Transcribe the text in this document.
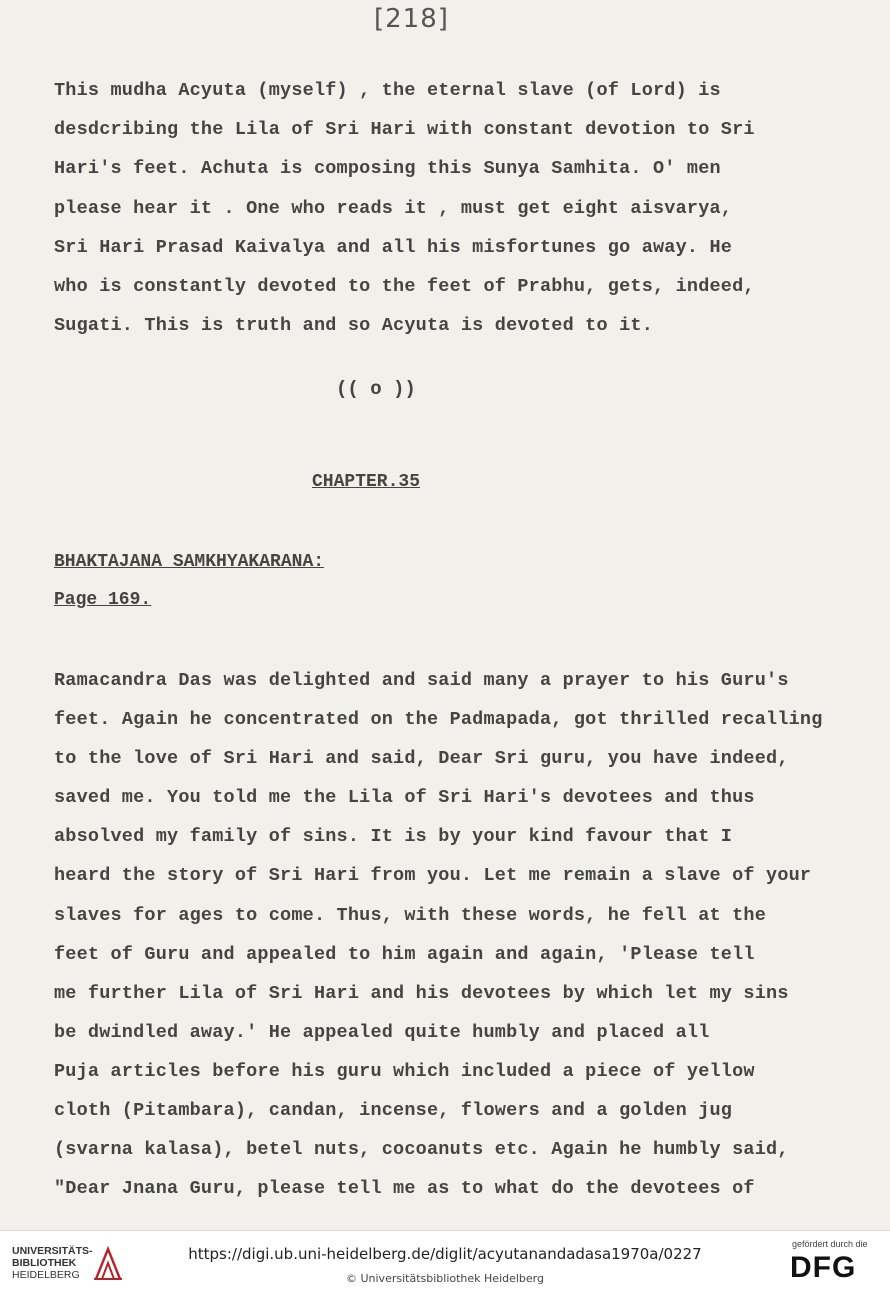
[218]
This mudha Acyuta (myself) , the eternal slave (of Lord) is
desdcribing the Lila of Sri Hari with constant devotion to Sri
Hari's feet. Achuta is composing this Sunya Samhita. O' men
please hear it . One who reads it , must get eight aisvarya,
Sri Hari Prasad Kaivalya and all his misfortunes go away. He
who is constantly devoted to the feet of Prabhu, gets, indeed,
Sugati. This is truth and so Acyuta is devoted to it.
(( o ))
CHAPTER.35
BHAKTAJANA SAMKHYAKARANA:
Page 169.
Ramacandra Das was delighted and said many a prayer to his Guru's
feet. Again he concentrated on the Padmapada, got thrilled recalling
to the love of Sri Hari and said, Dear Sri guru, you have indeed,
saved me. You told me the Lila of Sri Hari's devotees and thus
absolved my family of sins. It is by your kind favour that I
heard the story of Sri Hari from you. Let me remain a slave of your
slaves for ages to come. Thus, with these words, he fell at the
feet of Guru and appealed to him again and again, 'Please tell
me further Lila of Sri Hari and his devotees by which let my sins
be dwindled away.' He appealed quite humbly and placed all
Puja articles before his guru which included a piece of yellow
cloth (Pitambara), candan, incense, flowers and a golden jug
(svarna kalasa), betel nuts, cocoanuts etc. Again he humbly said,
"Dear Jnana Guru, please tell me as to what do the devotees of
UNIVERSITÄTS-
BIBLIOTHEK
HEIDELBERG
https://digi.ub.uni-heidelberg.de/diglit/acyutanandadasa1970a/0227
© Universitätsbibliothek Heidelberg
gefördert durch die
DFG
